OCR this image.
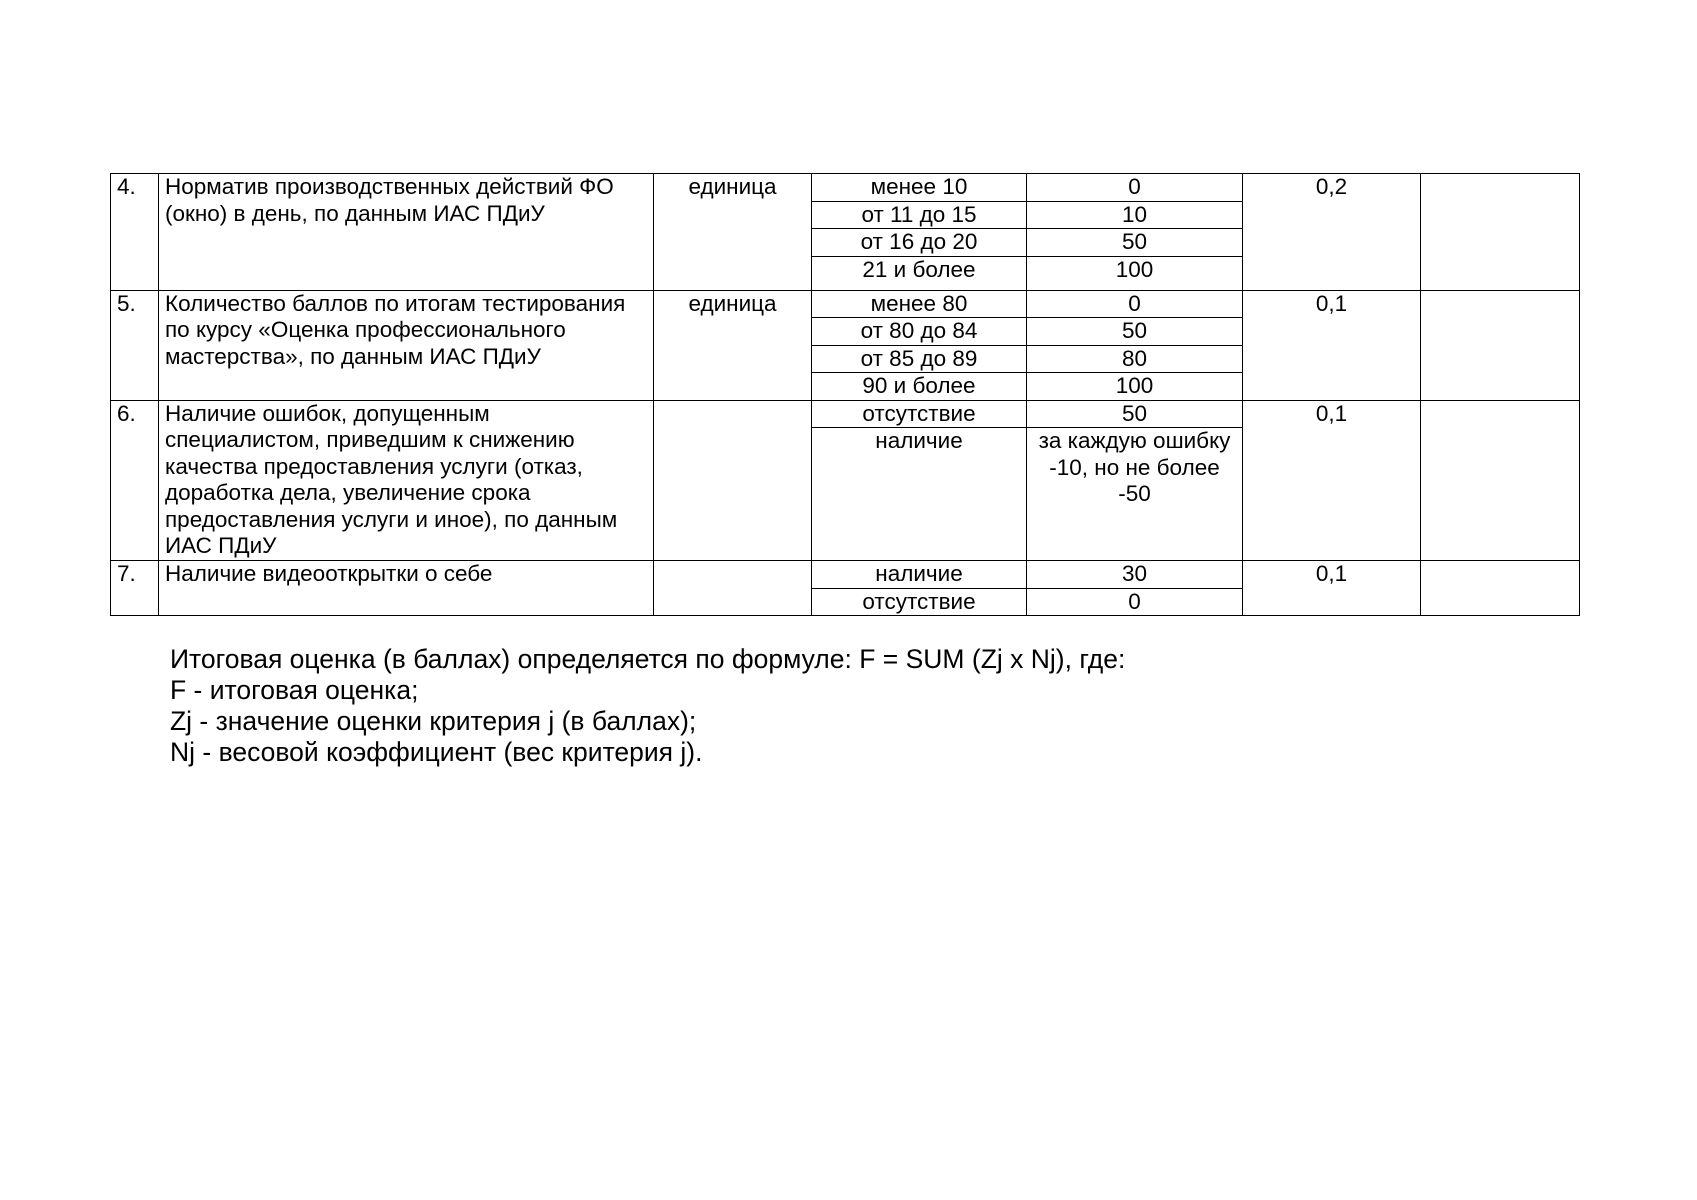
4.	Норматив производственных действий ФО (окно) в день, по данным ИАС ПДиУ	единица	менее 10	0	0,2	
			от 11 до 15	10		
			от 16 до 20	50		
			21 и более	100		
5.	Количество баллов по итогам тестирования по курсу «Оценка профессионального мастерства», по данным ИАС ПДиУ	единица	менее 80	0	0,1	
			от 80 до 84	50		
			от 85 до 89	80		
			90 и более	100		
6.	Наличие ошибок, допущенным специалистом, приведшим к снижению качества предоставления услуги (отказ, доработка дела, увеличение срока предоставления услуги и иное), по данным ИАС ПДиУ		отсутствие	50	0,1	
			наличие	за каждую ошибку -10, но не более -50		
7.	Наличие видеооткрытки о себе		наличие	30	0,1	
			отсутствие	0		
Итоговая оценка (в баллах) определяется по формуле: F = SUM (Zj x Nj), где:
F - итоговая оценка;
Zj - значение оценки критерия j (в баллах);
Nj - весовой коэффициент (вес критерия j).
